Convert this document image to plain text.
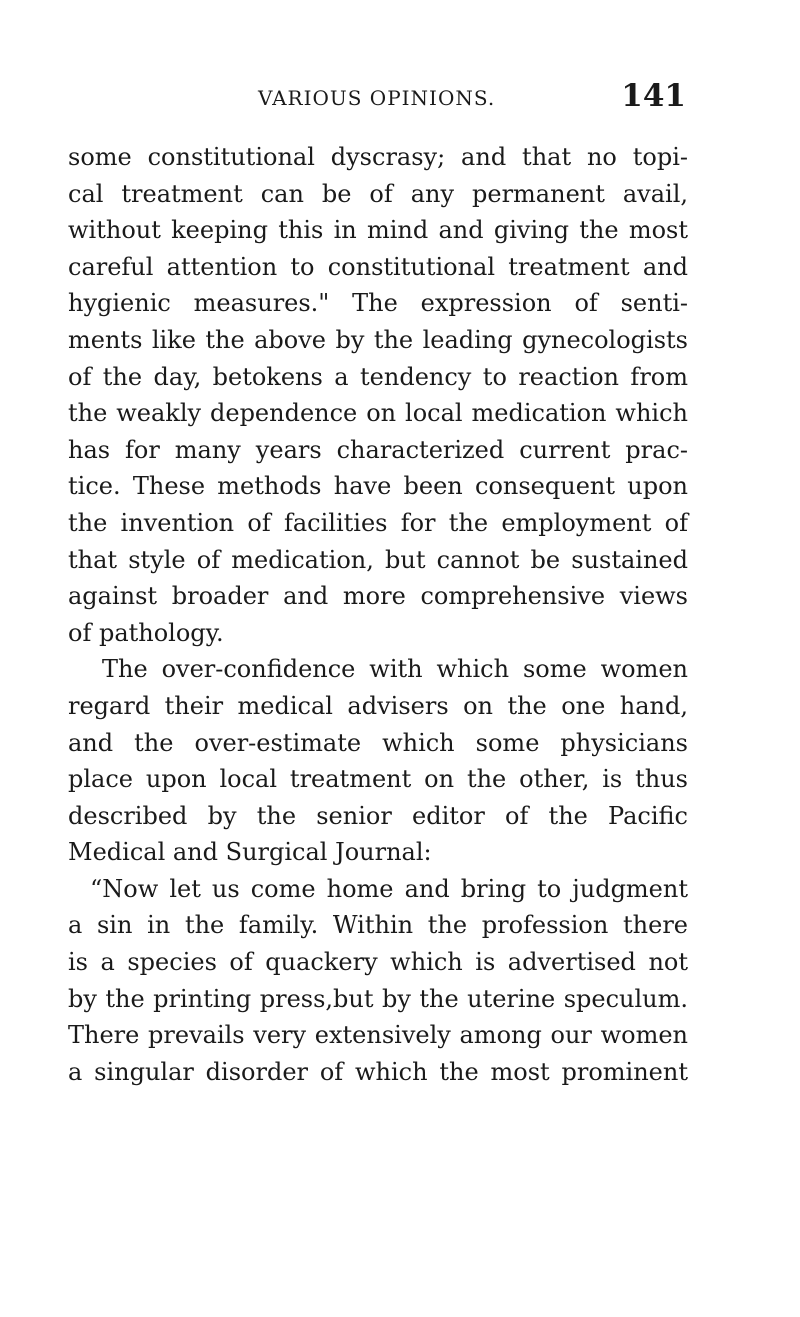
VARIOUS OPINIONS.	141
some constitutional dyscrasy; and that no topi-
cal treatment can be of any permanent avail,
without keeping this in mind and giving the most
careful attention to constitutional treatment and
hygienic measures." The expression of senti-
ments like the above by the leading gynecologists
of the day, betokens a tendency to reaction from
the weakly dependence on local medication which
has for many years characterized current prac-
tice. These methods have been consequent upon
the invention of facilities for the employment of
that style of medication, but cannot be sustained
against broader and more comprehensive views
of pathology.
The over-confidence with which some women
regard their medical advisers on the one hand,
and the over-estimate which some physicians
place upon local treatment on the other, is thus
described by the senior editor of the Pacific
Medical and Surgical Journal:
“Now let us come home and bring to judgment
a sin in the family. Within the profession there
is a species of quackery which is advertised not
by the printing press,but by the uterine speculum.
There prevails very extensively among our women
a singular disorder of which the most prominent
